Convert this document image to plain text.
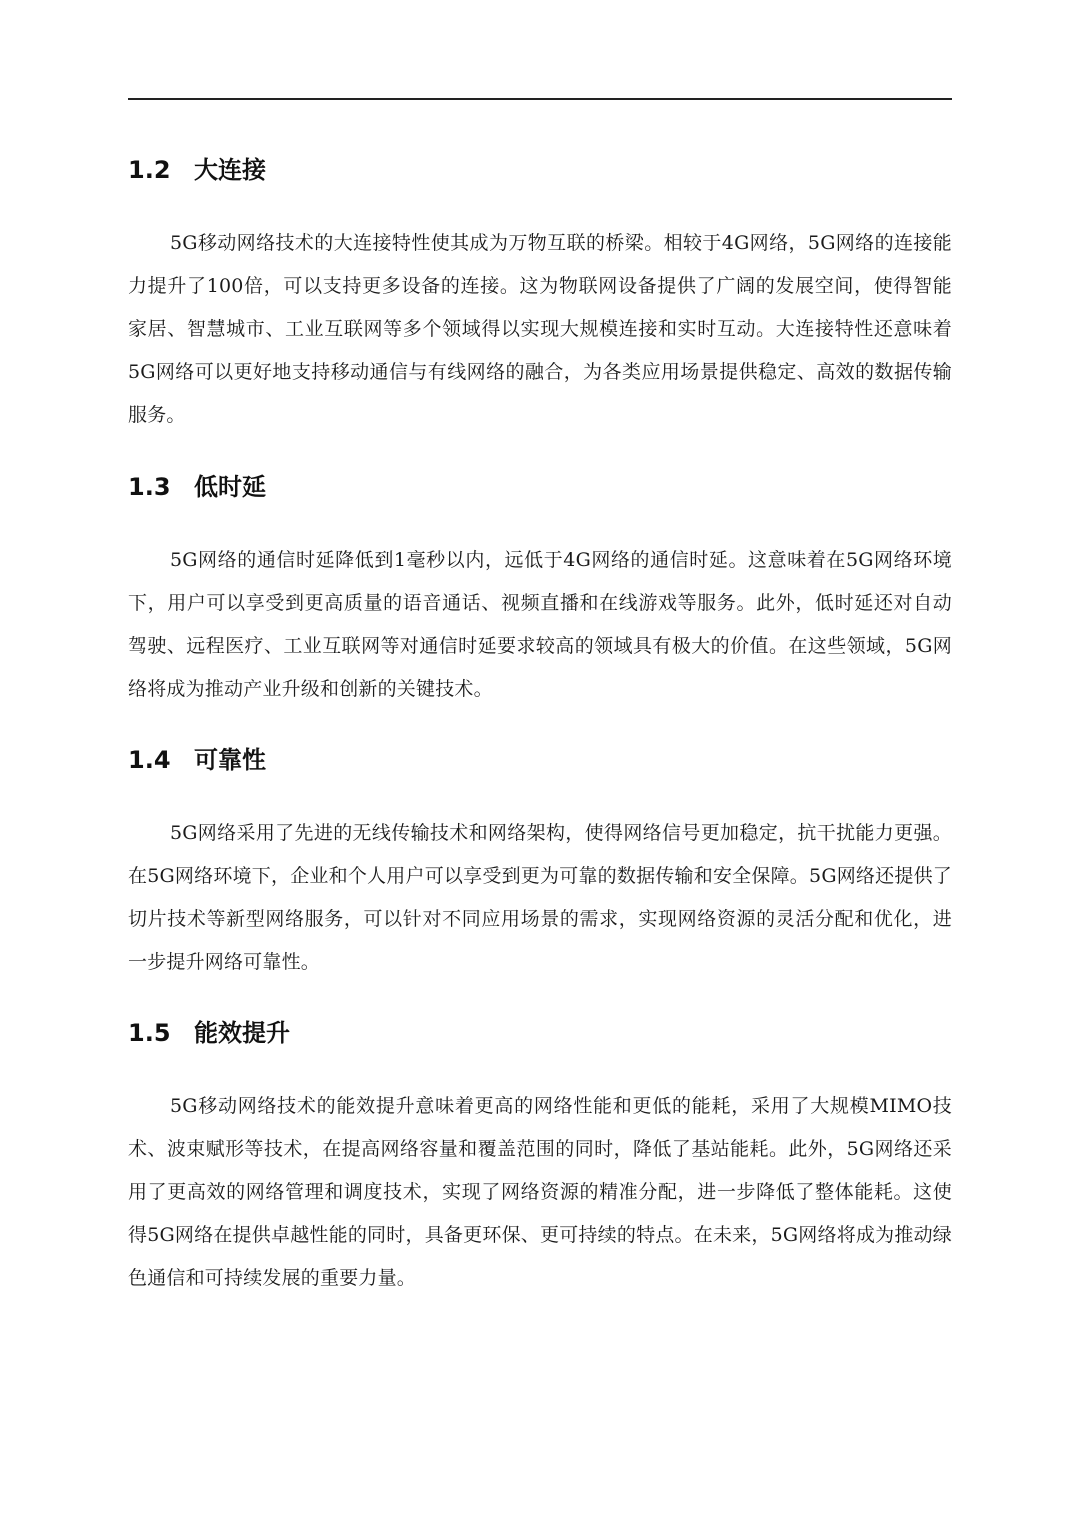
1.2 大连接

5G移动网络技术的大连接特性使其成为万物互联的桥梁。相较于4G网络，5G网络的连接能力提升了100倍，可以支持更多设备的连接。这为物联网设备提供了广阔的发展空间，使得智能家居、智慧城市、工业互联网等多个领域得以实现大规模连接和实时互动。大连接特性还意味着5G网络可以更好地支持移动通信与有线网络的融合，为各类应用场景提供稳定、高效的数据传输服务。

1.3 低时延

5G网络的通信时延降低到1毫秒以内，远低于4G网络的通信时延。这意味着在5G网络环境下，用户可以享受到更高质量的语音通话、视频直播和在线游戏等服务。此外，低时延还对自动驾驶、远程医疗、工业互联网等对通信时延要求较高的领域具有极大的价值。在这些领域，5G网络将成为推动产业升级和创新的关键技术。

1.4 可靠性

5G网络采用了先进的无线传输技术和网络架构，使得网络信号更加稳定，抗干扰能力更强。在5G网络环境下，企业和个人用户可以享受到更为可靠的数据传输和安全保障。5G网络还提供了切片技术等新型网络服务，可以针对不同应用场景的需求，实现网络资源的灵活分配和优化，进一步提升网络可靠性。

1.5 能效提升

5G移动网络技术的能效提升意味着更高的网络性能和更低的能耗，采用了大规模MIMO技术、波束赋形等技术，在提高网络容量和覆盖范围的同时，降低了基站能耗。此外，5G网络还采用了更高效的网络管理和调度技术，实现了网络资源的精准分配，进一步降低了整体能耗。这使得5G网络在提供卓越性能的同时，具备更环保、更可持续的特点。在未来，5G网络将成为推动绿色通信和可持续发展的重要力量。
